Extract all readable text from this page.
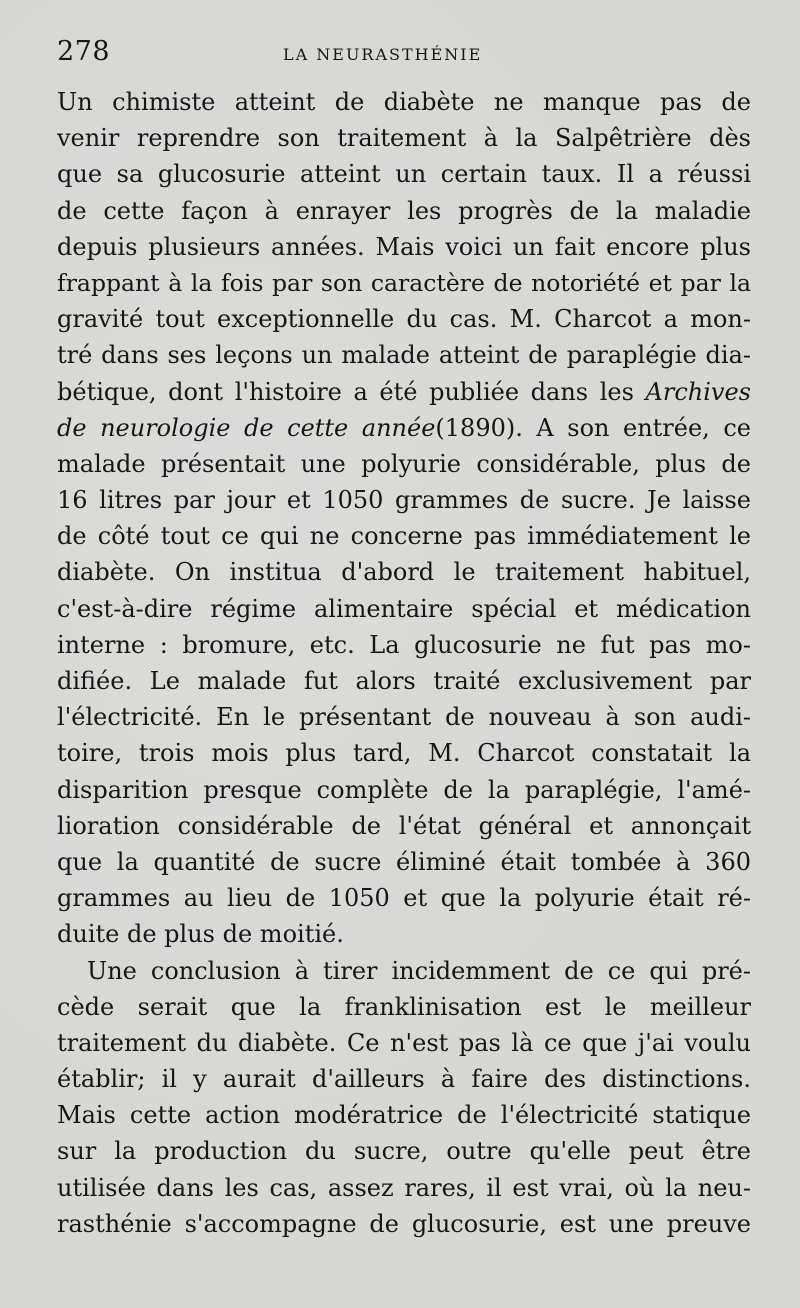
278	LA NEURASTHÉNIE
Un chimiste atteint de diabète ne manque pas de
venir reprendre son traitement à la Salpêtrière dès
que sa glucosurie atteint un certain taux. Il a réussi
de cette façon à enrayer les progrès de la maladie
depuis plusieurs années. Mais voici un fait encore plus
frappant à la fois par son caractère de notoriété et par la
gravité tout exceptionnelle du cas. M. Charcot a mon-
tré dans ses leçons un malade atteint de paraplégie dia-
bétique, dont l'histoire a été publiée dans les Archives
de neurologie de cette année(1890). A son entrée, ce
malade présentait une polyurie considérable, plus de
16 litres par jour et 1050 grammes de sucre. Je laisse
de côté tout ce qui ne concerne pas immédiatement le
diabète. On institua d'abord le traitement habituel,
c'est-à-dire régime alimentaire spécial et médication
interne : bromure, etc. La glucosurie ne fut pas mo-
difiée. Le malade fut alors traité exclusivement par
l'électricité. En le présentant de nouveau à son audi-
toire, trois mois plus tard, M. Charcot constatait la
disparition presque complète de la paraplégie, l'amé-
lioration considérable de l'état général et annonçait
que la quantité de sucre éliminé était tombée à 360
grammes au lieu de 1050 et que la polyurie était ré-
duite de plus de moitié.
Une conclusion à tirer incidemment de ce qui pré-
cède serait que la franklinisation est le meilleur
traitement du diabète. Ce n'est pas là ce que j'ai voulu
établir; il y aurait d'ailleurs à faire des distinctions.
Mais cette action modératrice de l'électricité statique
sur la production du sucre, outre qu'elle peut être
utilisée dans les cas, assez rares, il est vrai, où la neu-
rasthénie s'accompagne de glucosurie, est une preuve
